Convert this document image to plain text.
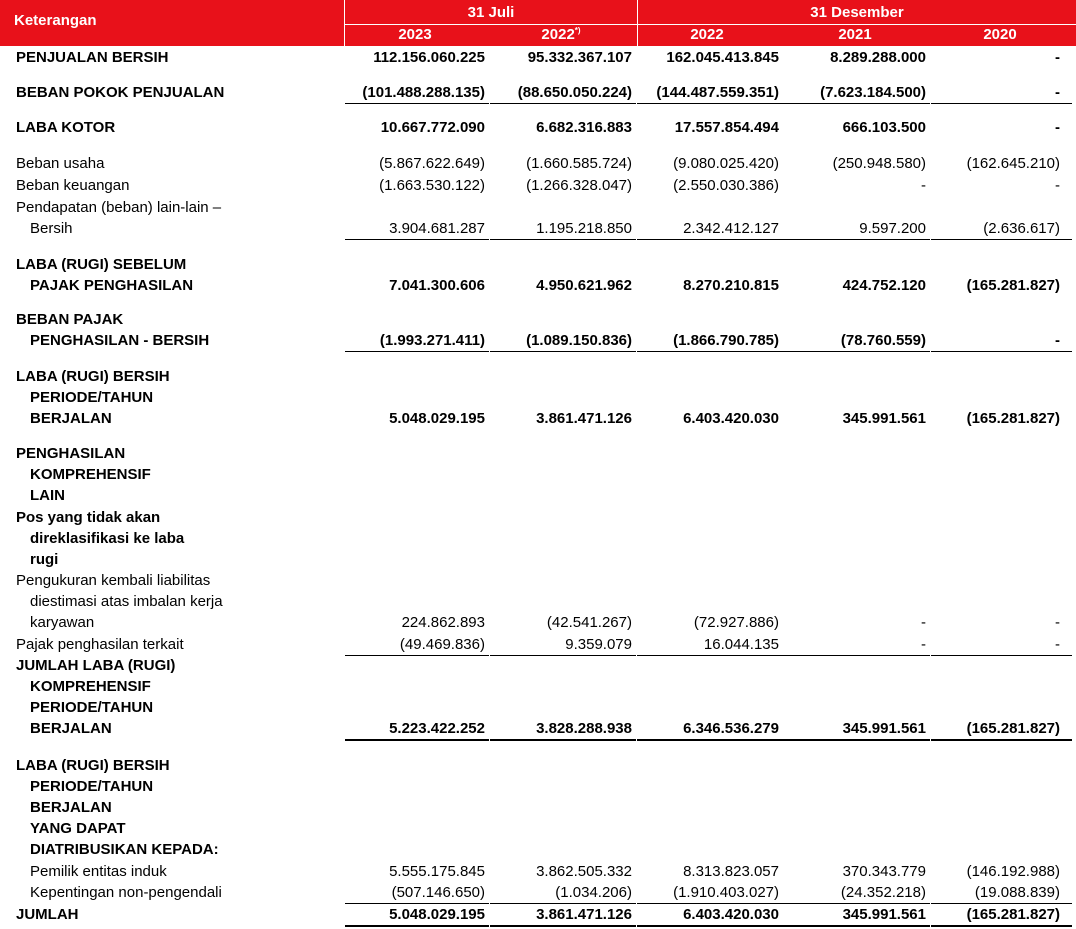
Keterangan	31 Juli	31 Desember
2023	2022*)	2022	2021	2020
PENJUALAN BERSIH	112.156.060.225	95.332.367.107	162.045.413.845	8.289.288.000	-
BEBAN POKOK PENJUALAN	(101.488.288.135)	(88.650.050.224)	(144.487.559.351)	(7.623.184.500)	-
LABA KOTOR	10.667.772.090	6.682.316.883	17.557.854.494	666.103.500	-
Beban usaha	(5.867.622.649)	(1.660.585.724)	(9.080.025.420)	(250.948.580)	(162.645.210)
Beban keuangan	(1.663.530.122)	(1.266.328.047)	(2.550.030.386)	-	-
Pendapatan (beban) lain-lain –
Bersih	3.904.681.287	1.195.218.850	2.342.412.127	9.597.200	(2.636.617)
LABA (RUGI) SEBELUM
PAJAK PENGHASILAN	7.041.300.606	4.950.621.962	8.270.210.815	424.752.120	(165.281.827)
BEBAN PAJAK
PENGHASILAN - BERSIH	(1.993.271.411)	(1.089.150.836)	(1.866.790.785)	(78.760.559)	-
LABA (RUGI) BERSIH
PERIODE/TAHUN
BERJALAN	5.048.029.195	3.861.471.126	6.403.420.030	345.991.561	(165.281.827)
PENGHASILAN
KOMPREHENSIF
LAIN
Pos yang tidak akan
direklasifikasi ke laba
rugi
Pengukuran kembali liabilitas
diestimasi atas imbalan kerja
karyawan	224.862.893	(42.541.267)	(72.927.886)	-	-
Pajak penghasilan terkait	(49.469.836)	9.359.079	16.044.135	-	-
JUMLAH LABA (RUGI)
KOMPREHENSIF
PERIODE/TAHUN
BERJALAN	5.223.422.252	3.828.288.938	6.346.536.279	345.991.561	(165.281.827)
LABA (RUGI) BERSIH
PERIODE/TAHUN
BERJALAN
YANG DAPAT
DIATRIBUSIKAN KEPADA:
Pemilik entitas induk	5.555.175.845	3.862.505.332	8.313.823.057	370.343.779	(146.192.988)
Kepentingan non-pengendali	(507.146.650)	(1.034.206)	(1.910.403.027)	(24.352.218)	(19.088.839)
JUMLAH	5.048.029.195	3.861.471.126	6.403.420.030	345.991.561	(165.281.827)
